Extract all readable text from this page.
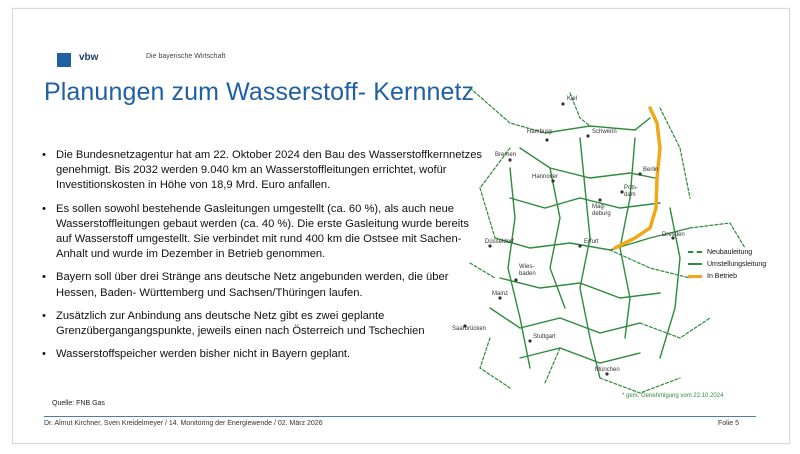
vbw	Die bayerische Wirtschaft
Planungen zum Wasserstoff- Kernnetz
• Die Bundesnetzagentur hat am 22. Oktober 2024 den Bau des Wasserstoffkernnetzes genehmigt. Bis 2032 werden 9.040 km an Wasserstoffleitungen errichtet, wofür Investitionskosten in Höhe von 18,9 Mrd. Euro anfallen.
• Es sollen sowohl bestehende Gasleitungen umgestellt (ca. 60 %), als auch neue Wasserstoffleitungen gebaut werden (ca. 40 %). Die erste Gasleitung wurde bereits auf Wasserstoff umgestellt. Sie verbindet mit rund 400 km die Ostsee mit Sachen-Anhalt und wurde im Dezember in Betrieb genommen.
• Bayern soll über drei Stränge ans deutsche Netz angebunden werden, die über Hessen, Baden- Württemberg und Sachsen/Thüringen laufen.
• Zusätzlich zur Anbindung ans deutsche Netz gibt es zwei geplante Grenzübergangangspunkte, jeweils einen nach Österreich und Tschechien
• Wasserstoffspeicher werden bisher nicht in Bayern geplant.
Kiel
Hamburg	Schwerin
Bremen
Berlin
Hannover
Pots-
dam
Mag-
deburg
Düsseldorf
Dresden
Erfurt
Wies-
baden
Mainz
Saarbrücken
Stuttgart
München
Neubauleitung
Umstellungsleitung
In Betrieb
* gem. Genehmigung vom 22.10.2024
Quelle: FNB Gas
Dr. Almut Kirchner, Sven Kreidelmeyer / 14. Monitoring der Energiewende / 02. März 2026	Folie 5
